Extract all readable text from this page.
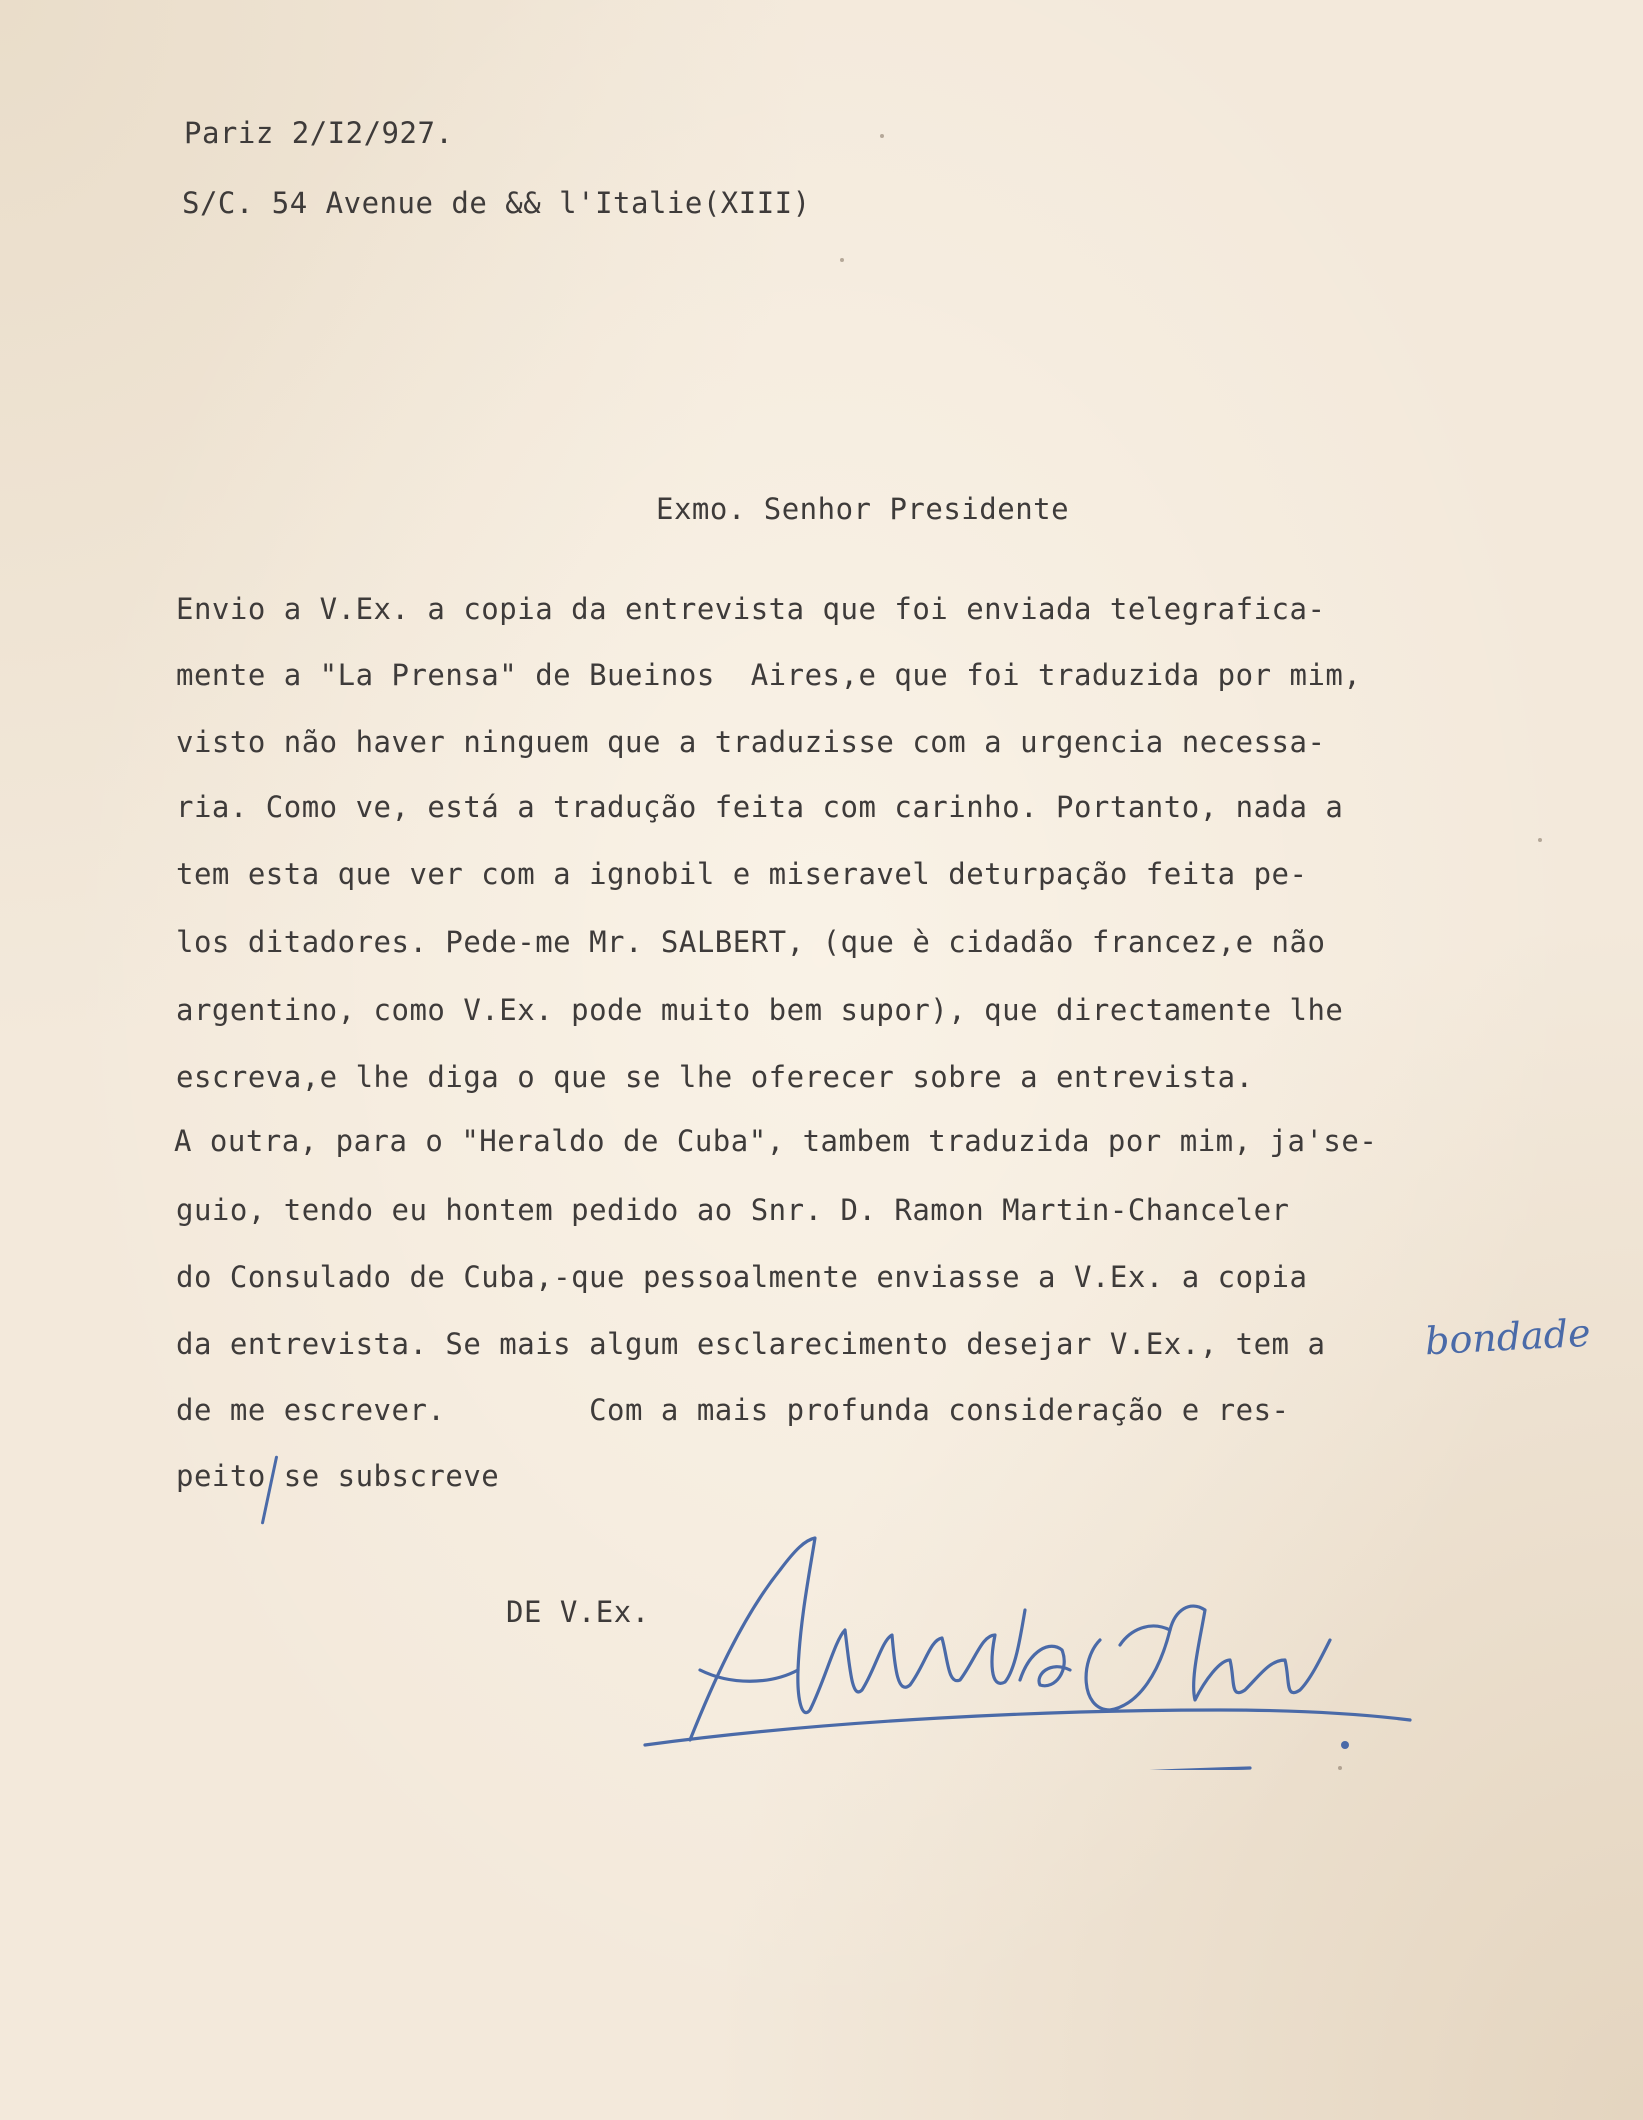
Pariz 2/I2/927.

S/C. 54 Avenue de && l'Italie(XIII)

Exmo. Senhor Presidente

Envio a V.Ex. a copia da entrevista que foi enviada telegrafica-

mente a "La Prensa" de Bueinos  Aires,e que foi traduzida por mim,

visto não haver ninguem que a traduzisse com a urgencia necessa-

ria. Como ve, está a tradução feita com carinho. Portanto, nada a

tem esta que ver com a ignobil e miseravel deturpação feita pe-

los ditadores. Pede-me Mr. SALBERT, (que è cidadão francez,e não

argentino, como V.Ex. pode muito bem supor), que directamente lhe

escreva,e lhe diga o que se lhe oferecer sobre a entrevista.

A outra, para o "Heraldo de Cuba", tambem traduzida por mim, ja'se-

guio, tendo eu hontem pedido ao Snr. D. Ramon Martin-Chanceler

do Consulado de Cuba,-que pessoalmente enviasse a V.Ex. a copia

da entrevista. Se mais algum esclarecimento desejar V.Ex., tem a

de me escrever.        Com a mais profunda consideração e res-

peito se subscreve

bondade

DE V.Ex.
